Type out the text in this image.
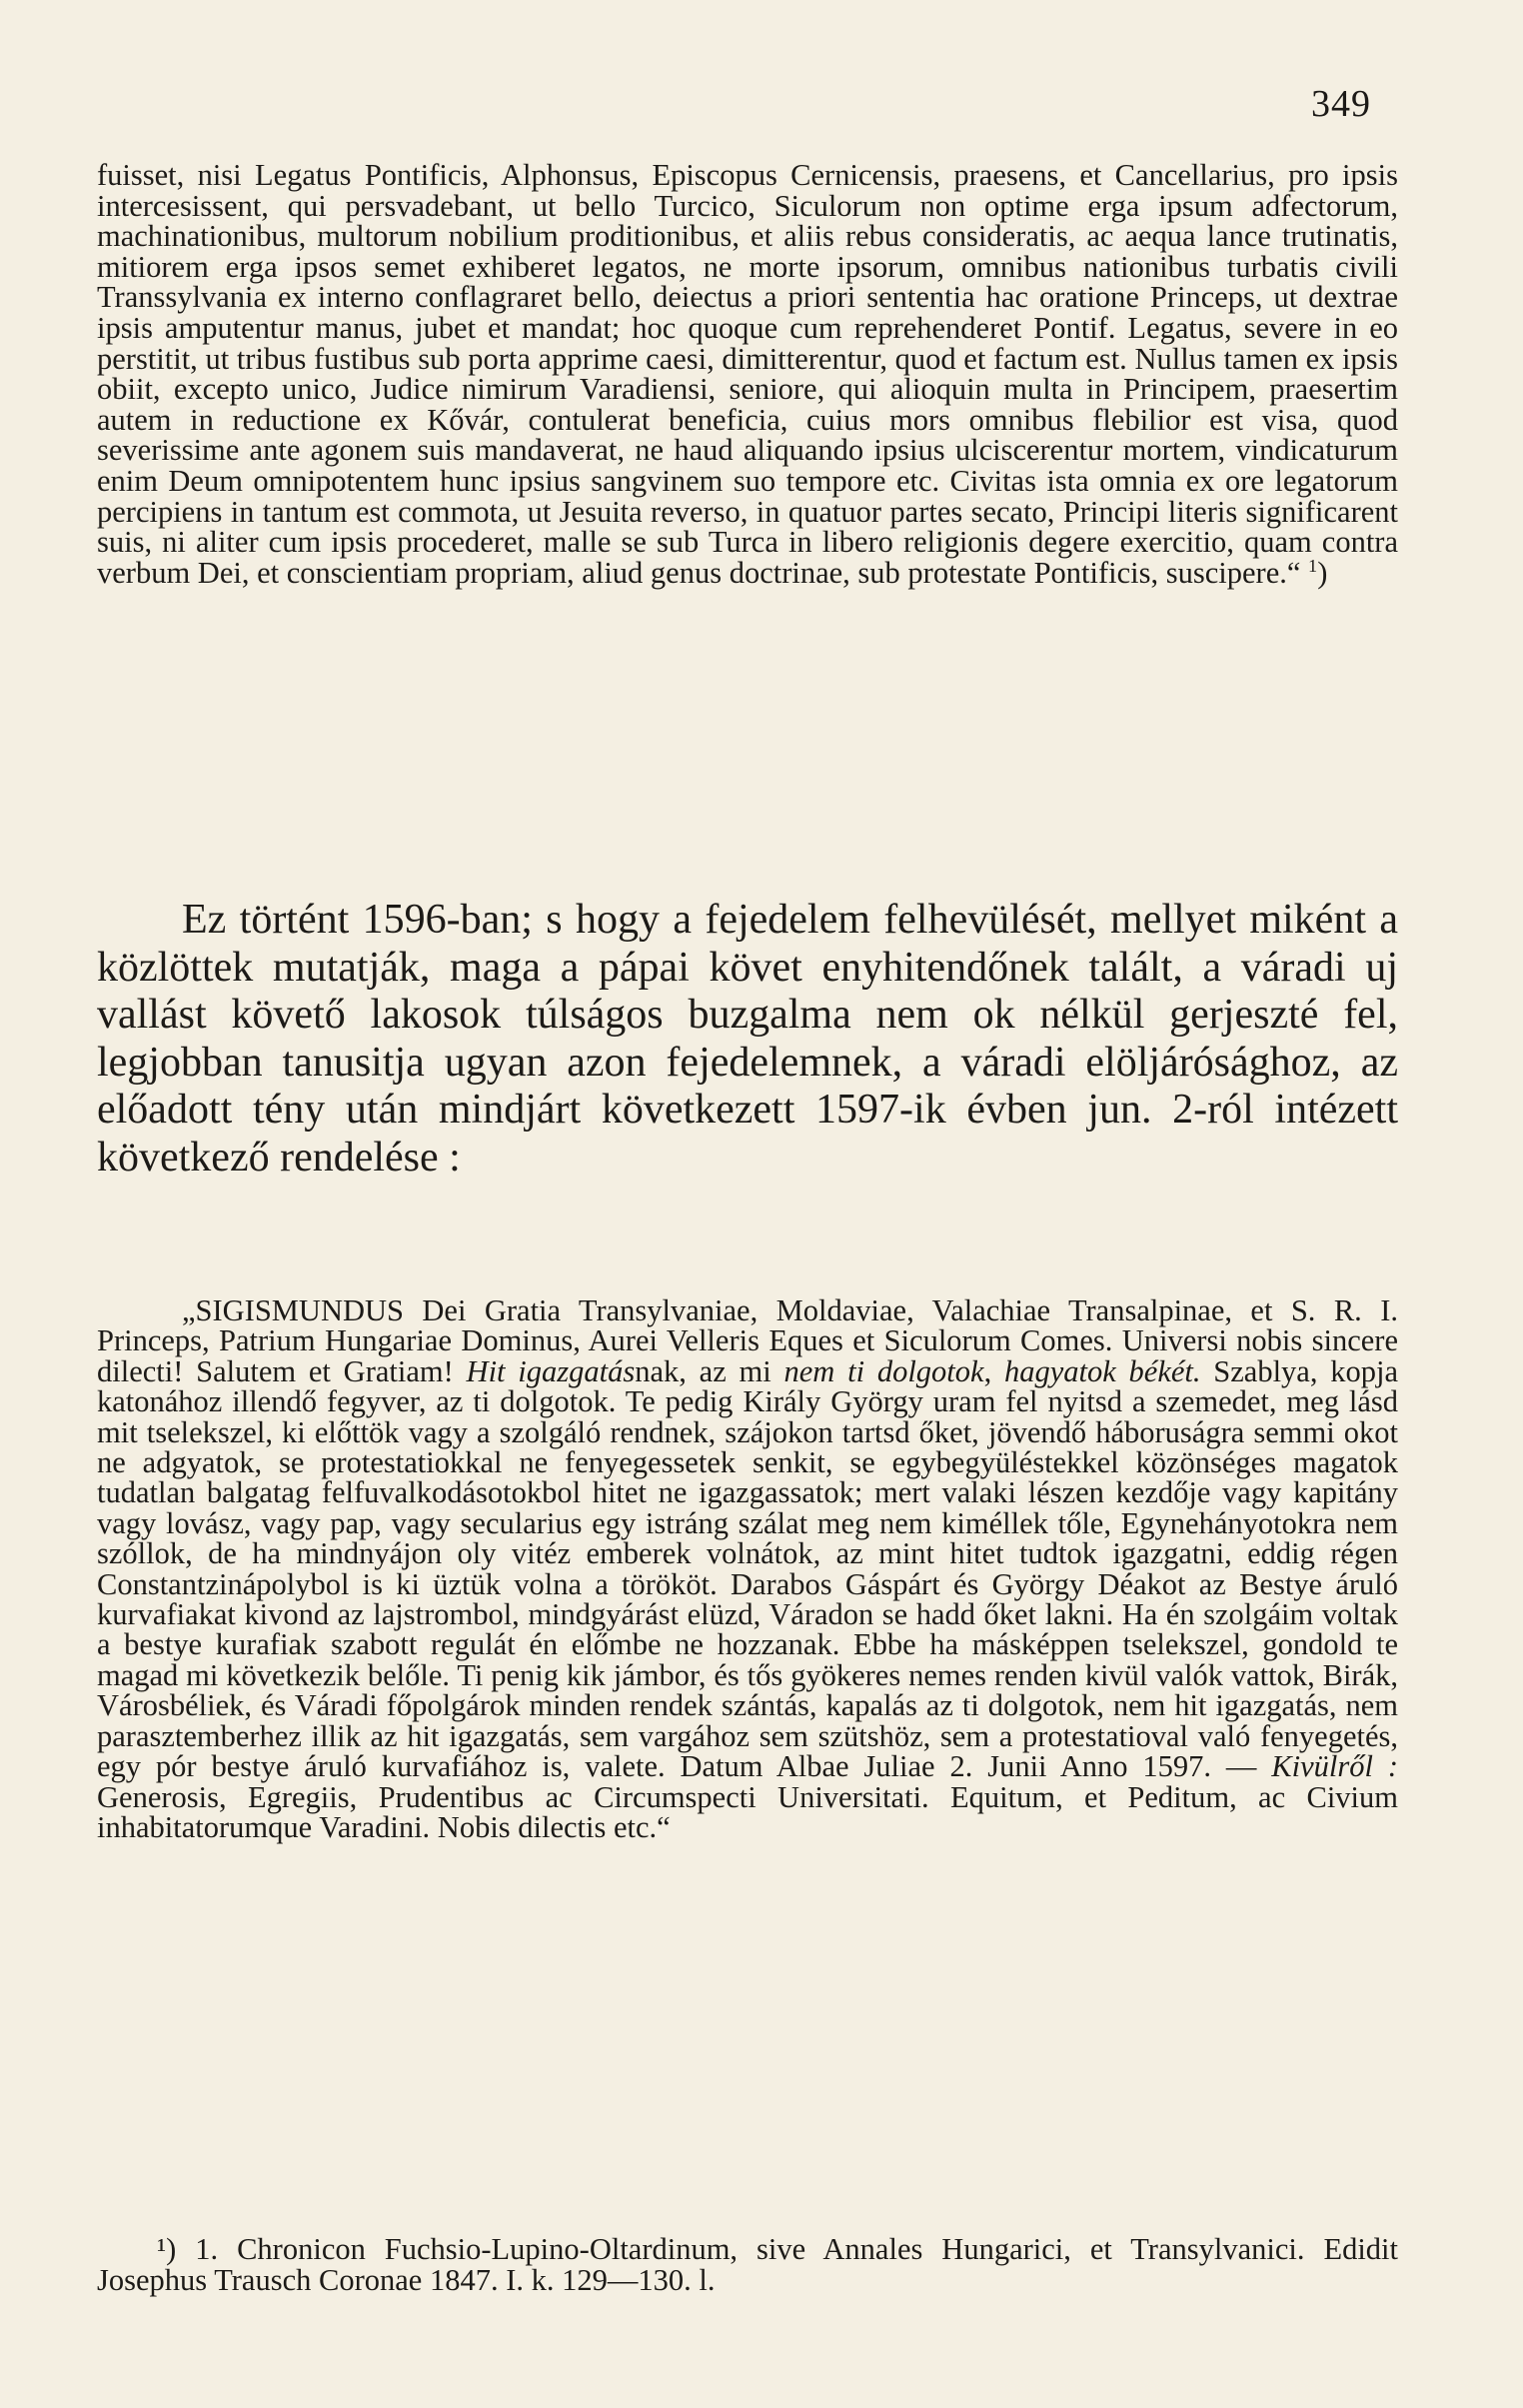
349

fuisset, nisi Legatus Pontificis, Alphonsus, Episcopus Cernicensis, praesens, et Cancellarius, pro ipsis intercesissent, qui persvadebant, ut bello Turcico, Siculorum non optime erga ipsum adfectorum, machinationibus, multorum nobilium proditionibus, et aliis rebus consideratis, ac aequa lance trutinatis, mitiorem erga ipsos semet exhiberet legatos, ne morte ipsorum, omnibus nationibus turbatis civili Transsylvania ex interno conflagraret bello, deiectus a priori sententia hac oratione Princeps, ut dextrae ipsis amputentur manus, jubet et mandat; hoc quoque cum reprehenderet Pontif. Legatus, severe in eo perstitit, ut tribus fustibus sub porta apprime caesi, dimitterentur, quod et factum est. Nullus tamen ex ipsis obiit, excepto unico, Judice nimirum Varadiensi, seniore, qui alioquin multa in Principem, praesertim autem in reductione ex Kővár, contulerat beneficia, cuius mors omnibus flebilior est visa, quod severissime ante agonem suis mandaverat, ne haud aliquando ipsius ulciscerentur mortem, vindicaturum enim Deum omnipotentem hunc ipsius sangvinem suo tempore etc. Civitas ista omnia ex ore legatorum percipiens in tantum est commota, ut Jesuita reverso, in quatuor partes secato, Principi literis significarent suis, ni aliter cum ipsis procederet, malle se sub Turca in libero religionis degere exercitio, quam contra verbum Dei, et conscientiam propriam, aliud genus doctrinae, sub protestate Pontificis, suscipere.“ $^1$)

Ez történt 1596-ban; s hogy a fejedelem felhevülését, mellyet miként a közlöttek mutatják, maga a pápai követ enyhitendőnek talált, a váradi uj vallást követő lakosok túlságos buzgalma nem ok nélkül gerjeszté fel, legjobban tanusitja ugyan azon fejedelemnek, a váradi elöljárósághoz, az előadott tény után mindjárt következett 1597-ik évben jun. 2-ról intézett következő rendelése :

„SIGISMUNDUS Dei Gratia Transylvaniae, Moldaviae, Valachiae Transalpinae, et S. R. I. Princeps, Patrium Hungariae Dominus, Aurei Velleris Eques et Siculorum Comes. Universi nobis sincere dilecti! Salutem et Gratiam! Hit igazgatásnak, az mi nem ti dolgotok, hagyatok békét. Szablya, kopja katonához illendő fegyver, az ti dolgotok. Te pedig Király György uram fel nyitsd a szemedet, meg lásd mit tselekszel, ki előttök vagy a szolgáló rendnek, szájokon tartsd őket, jövendő háboruságra semmi okot ne adgyatok, se protestatiokkal ne fenyegessetek senkit, se egybegyüléstekkel közönséges magatok tudatlan balgatag felfuvalkodásotokbol hitet ne igazgassatok; mert valaki lészen kezdője vagy kapitány vagy lovász, vagy pap, vagy secularius egy istráng szálat meg nem kiméllek tőle, Egynehányotokra nem szóllok, de ha mindnyájon oly vitéz emberek volnátok, az mint hitet tudtok igazgatni, eddig régen Constantzinápolybol is ki üztük volna a törököt. Darabos Gáspárt és György Déakot az Bestye áruló kurvafiakat kivond az lajstrombol, mindgyárást elüzd, Váradon se hadd őket lakni. Ha én szolgáim voltak a bestye kurafiak szabott regulát én előmbe ne hozzanak. Ebbe ha másképpen tselekszel, gondold te magad mi következik belőle. Ti penig kik jámbor, és tős gyökeres nemes renden kivül valók vattok, Birák, Városbéliek, és Váradi főpolgárok minden rendek szántás, kapalás az ti dolgotok, nem hit igazgatás, nem parasztemberhez illik az hit igazgatás, sem vargához sem szütshöz, sem a protestatioval való fenyegetés, egy pór bestye áruló kurvafiához is, valete. Datum Albae Juliae 2. Junii Anno 1597. — Kivülről : Generosis, Egregiis, Prudentibus ac Circumspecti Universitati. Equitum, et Peditum, ac Civium inhabitatorumque Varadini. Nobis dilectis etc.“

¹) 1. Chronicon Fuchsio-Lupino-Oltardinum, sive Annales Hungarici, et Transylvanici. Edidit Josephus Trausch Coronae 1847. I. k. 129—130. l.
